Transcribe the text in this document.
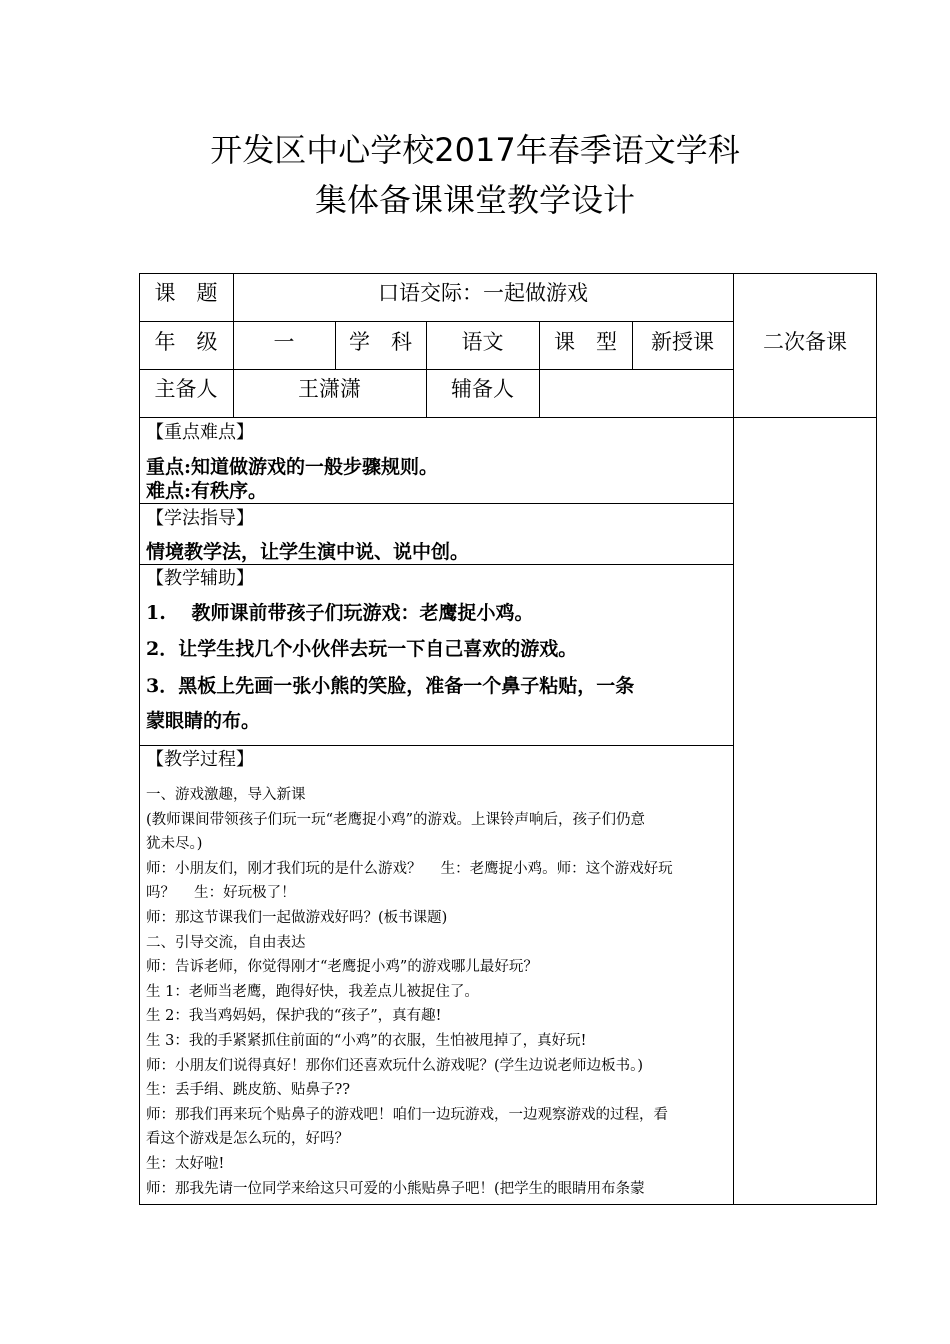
开发区中心学校2017年春季语文学科
集体备课课堂教学设计
课　题	口语交际：一起做游戏
年　级	一	学　科	语文	课　型	新授课	二次备课
主备人	王潇潇	辅备人
【重点难点】
重点:知道做游戏的一般步骤规则。
难点:有秩序。
【学法指导】
情境教学法，让学生演中说、说中创。
【教学辅助】
1.　 教师课前带孩子们玩游戏：老鹰捉小鸡。
2．让学生找几个小伙伴去玩一下自己喜欢的游戏。
3．黑板上先画一张小熊的笑脸，准备一个鼻子粘贴，一条
蒙眼睛的布。
【教学过程】
一、游戏激趣，导入新课
(教师课间带领孩子们玩一玩“老鹰捉小鸡”的游戏。上课铃声响后，孩子们仍意
犹未尽。)
师：小朋友们，刚才我们玩的是什么游戏？　 生：老鹰捉小鸡。师：这个游戏好玩
吗？　 生：好玩极了！
师：那这节课我们一起做游戏好吗？(板书课题)
二、引导交流，自由表达
师：告诉老师，你觉得刚才“老鹰捉小鸡”的游戏哪儿最好玩？
生 1：老师当老鹰，跑得好快，我差点儿被捉住了。
生 2：我当鸡妈妈，保护我的“孩子”，真有趣!
生 3：我的手紧紧抓住前面的“小鸡”的衣服，生怕被甩掉了，真好玩!
师：小朋友们说得真好！那你们还喜欢玩什么游戏呢？(学生边说老师边板书。)
生：丢手绢、跳皮筋、贴鼻子??
师：那我们再来玩个贴鼻子的游戏吧！咱们一边玩游戏，一边观察游戏的过程，看
看这个游戏是怎么玩的，好吗？
生：太好啦!
师：那我先请一位同学来给这只可爱的小熊贴鼻子吧！(把学生的眼睛用布条蒙
